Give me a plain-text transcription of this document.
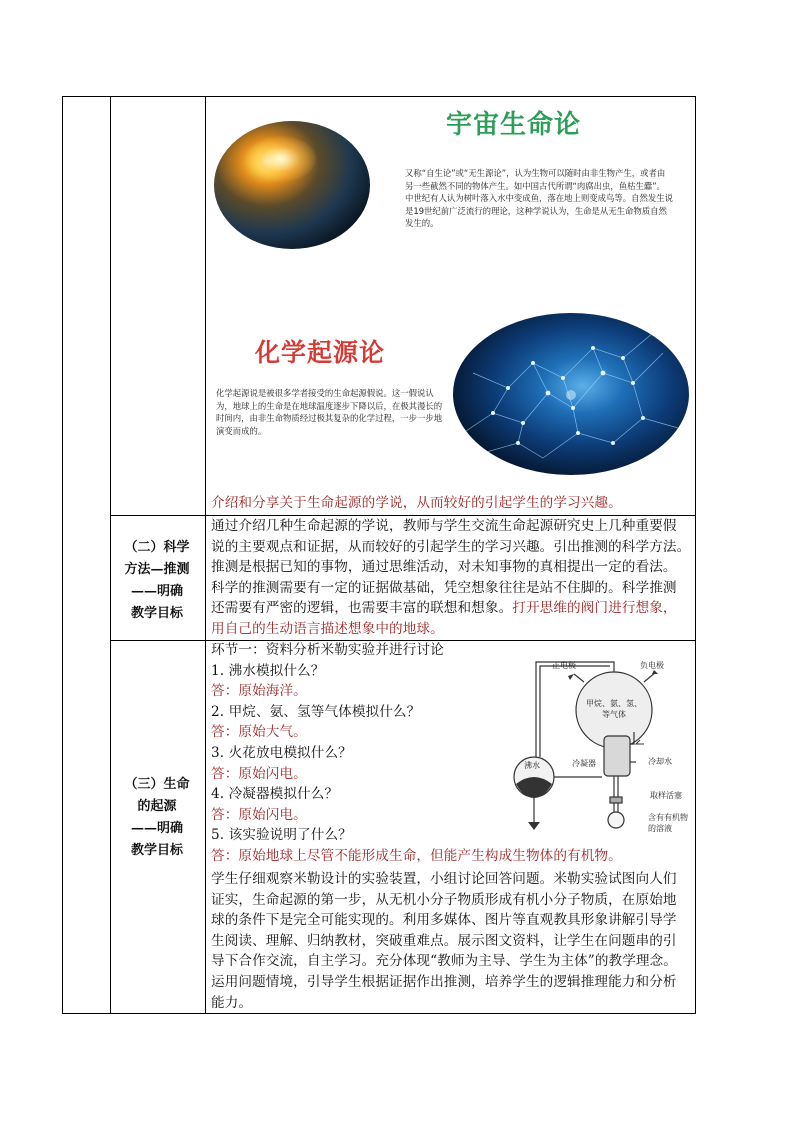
宇宙生命论
又称“自生论”或“无生源论”，认为生物可以随时由非生物产生，或者由另一些截然不同的物体产生。如中国古代所谓“肉腐出虫，鱼枯生蠹”。中世纪有人认为树叶落入水中变成鱼，落在地上则变成鸟等。自然发生说是19世纪前广泛流行的理论，这种学说认为，生命是从无生命物质自然发生的。
化学起源论
化学起源说是被很多学者接受的生命起源假说。这一假说认为，地球上的生命是在地球温度逐步下降以后，在极其漫长的时间内，由非生命物质经过极其复杂的化学过程，一步一步地演变而成的。
介绍和分享关于生命起源的学说，从而较好的引起学生的学习兴趣。
（二）科学
方法—推测
——明确
教学目标
通过介绍几种生命起源的学说，教师与学生交流生命起源研究史上几种重要假
说的主要观点和证据，从而较好的引起学生的学习兴趣。引出推测的科学方法。
推测是根据已知的事物，通过思维活动，对未知事物的真相提出一定的看法。
科学的推测需要有一定的证据做基础，凭空想象往往是站不住脚的。科学推测
还需要有严密的逻辑，也需要丰富的联想和想象。打开思维的阀门进行想象，
用自己的生动语言描述想象中的地球。
（三）生命
的起源
——明确
教学目标
环节一：资料分析米勒实验并进行讨论
1. 沸水模拟什么？
答：原始海洋。
2. 甲烷、氨、氢等气体模拟什么？
答：原始大气。
3. 火花放电模拟什么？
答：原始闪电。
4. 冷凝器模拟什么？
答：原始闪电。
5. 该实验说明了什么？
答：原始地球上尽管不能形成生命，但能产生构成生物体的有机物。
学生仔细观察米勒设计的实验装置，小组讨论回答问题。米勒实验试图向人们
证实，生命起源的第一步，从无机小分子物质形成有机小分子物质，在原始地
球的条件下是完全可能实现的。利用多媒体、图片等直观教具形象讲解引导学
生阅读、理解、归纳教材，突破重难点。展示图文资料，让学生在问题串的引
导下合作交流，自主学习。充分体现“教师为主导、学生为主体”的教学理念。
运用问题情境，引导学生根据证据作出推测，培养学生的逻辑推理能力和分析
能力。
正电极	负电极
甲烷、氨、氢、
等气体
沸水	冷凝器	冷却水
取样活塞
含有有机物
的溶液
